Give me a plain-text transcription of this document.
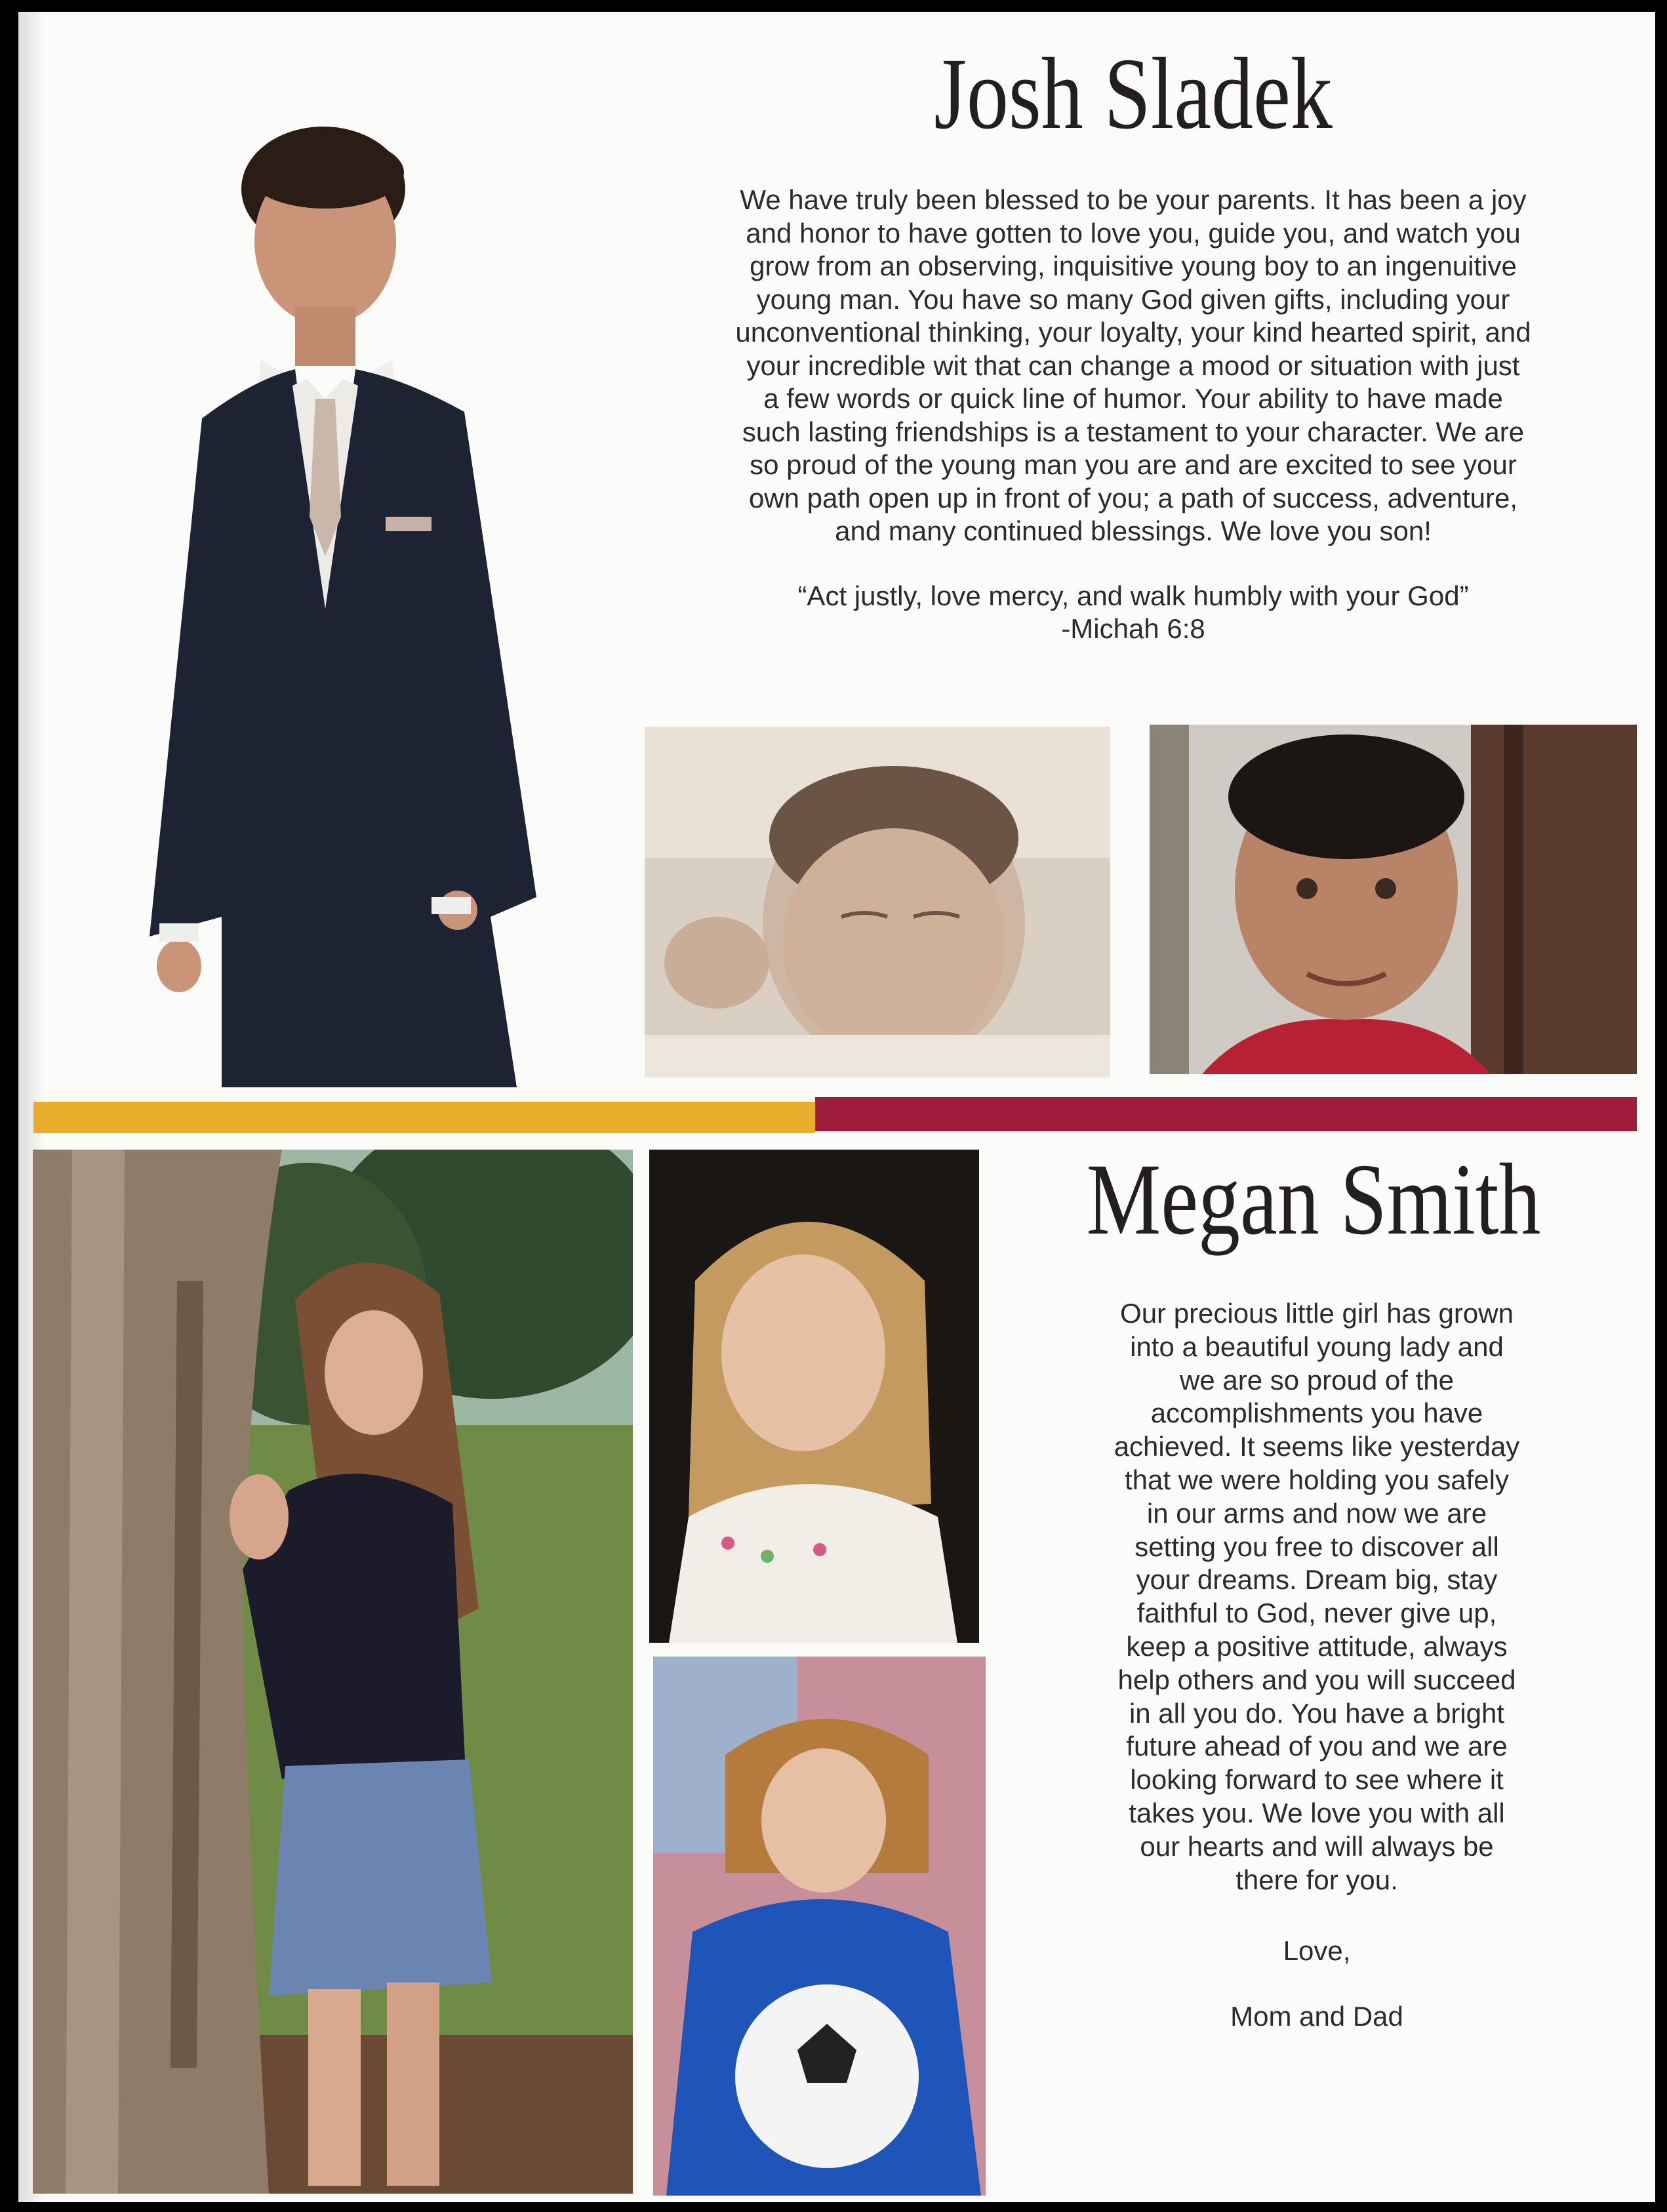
Josh Sladek

We have truly been blessed to be your parents. It has been a joy

and honor to have gotten to love you, guide you, and watch you

grow from an observing, inquisitive young boy to an ingenuitive

young man. You have so many God given gifts, including your

unconventional thinking, your loyalty, your kind hearted spirit, and

your incredible wit that can change a mood or situation with just

a few words or quick line of humor. Your ability to have made

such lasting friendships is a testament to your character. We are

so proud of the young man you are and are excited to see your

own path open up in front of you; a path of success, adventure,

and many continued blessings. We love you son!

“Act justly, love mercy, and walk humbly with your God”

-Michah 6:8

Megan Smith

Our precious little girl has grown

into a beautiful young lady and

we are so proud of the

accomplishments you have

achieved. It seems like yesterday

that we were holding you safely

in our arms and now we are

setting you free to discover all

your dreams. Dream big, stay

faithful to God, never give up,

keep a positive attitude, always

help others and you will succeed

in all you do. You have a bright

future ahead of you and we are

looking forward to see where it

takes you. We love you with all

our hearts and will always be

there for you.

Love,
Mom and Dad
